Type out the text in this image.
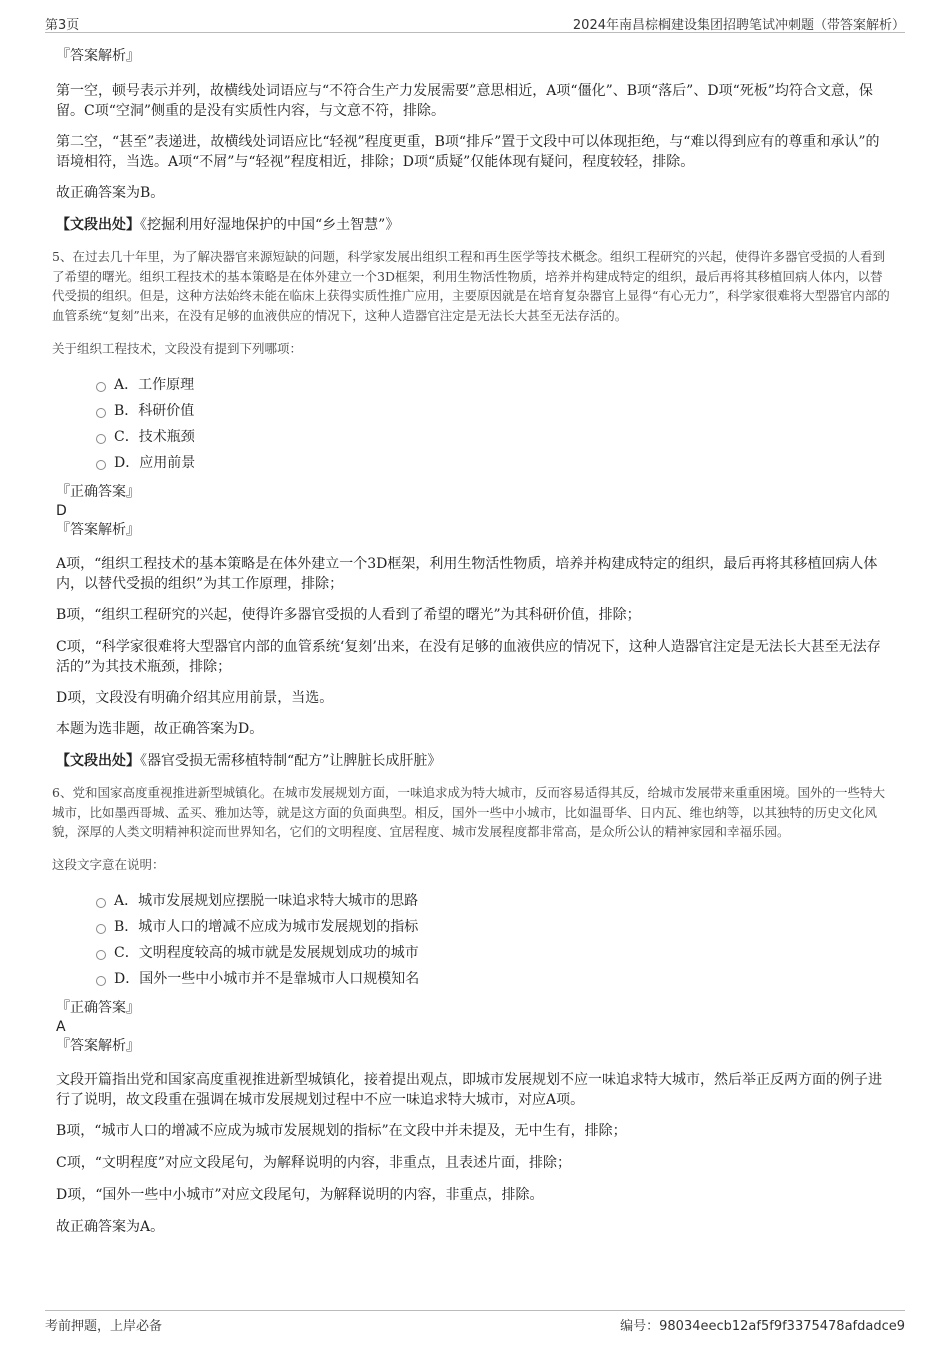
第3页	2024年南昌棕榈建设集团招聘笔试冲刺题（带答案解析）

『答案解析』

第一空，顿号表示并列，故横线处词语应与“不符合生产力发展需要”意思相近，A项“僵化”、B项“落后”、D项“死板”均符合文意，保留。C项“空洞”侧重的是没有实质性内容，与文意不符，排除。

第二空，“甚至”表递进，故横线处词语应比“轻视”程度更重，B项“排斥”置于文段中可以体现拒绝，与“难以得到应有的尊重和承认”的语境相符，当选。A项“不屑”与“轻视”程度相近，排除；D项“质疑”仅能体现有疑问，程度较轻，排除。

故正确答案为B。

【文段出处】《挖掘利用好湿地保护的中国“乡土智慧”》

5、在过去几十年里，为了解决器官来源短缺的问题，科学家发展出组织工程和再生医学等技术概念。组织工程研究的兴起，使得许多器官受损的人看到了希望的曙光。组织工程技术的基本策略是在体外建立一个3D框架，利用生物活性物质，培养并构建成特定的组织，最后再将其移植回病人体内，以替代受损的组织。但是，这种方法始终未能在临床上获得实质性推广应用，主要原因就是在培育复杂器官上显得“有心无力”，科学家很难将大型器官内部的血管系统“复刻”出来，在没有足够的血液供应的情况下，这种人造器官注定是无法长大甚至无法存活的。

关于组织工程技术，文段没有提到下列哪项：

A．工作原理
B．科研价值
C．技术瓶颈
D．应用前景

『正确答案』

D

『答案解析』

A项，“组织工程技术的基本策略是在体外建立一个3D框架，利用生物活性物质，培养并构建成特定的组织，最后再将其移植回病人体内，以替代受损的组织”为其工作原理，排除；

B项，“组织工程研究的兴起，使得许多器官受损的人看到了希望的曙光”为其科研价值，排除；

C项，“科学家很难将大型器官内部的血管系统‘复刻’出来，在没有足够的血液供应的情况下，这种人造器官注定是无法长大甚至无法存活的”为其技术瓶颈，排除；

D项，文段没有明确介绍其应用前景，当选。

本题为选非题，故正确答案为D。

【文段出处】《器官受损无需移植特制“配方”让脾脏长成肝脏》

6、党和国家高度重视推进新型城镇化。在城市发展规划方面，一味追求成为特大城市，反而容易适得其反，给城市发展带来重重困境。国外的一些特大城市，比如墨西哥城、孟买、雅加达等，就是这方面的负面典型。相反，国外一些中小城市，比如温哥华、日内瓦、维也纳等，以其独特的历史文化风貌，深厚的人类文明精神积淀而世界知名，它们的文明程度、宜居程度、城市发展程度都非常高，是众所公认的精神家园和幸福乐园。

这段文字意在说明：

A．城市发展规划应摆脱一味追求特大城市的思路
B．城市人口的增减不应成为城市发展规划的指标
C．文明程度较高的城市就是发展规划成功的城市
D．国外一些中小城市并不是靠城市人口规模知名

『正确答案』

A

『答案解析』

文段开篇指出党和国家高度重视推进新型城镇化，接着提出观点，即城市发展规划不应一味追求特大城市，然后举正反两方面的例子进行了说明，故文段重在强调在城市发展规划过程中不应一味追求特大城市，对应A项。

B项，“城市人口的增减不应成为城市发展规划的指标”在文段中并未提及，无中生有，排除；

C项，“文明程度”对应文段尾句，为解释说明的内容，非重点，且表述片面，排除；

D项，“国外一些中小城市”对应文段尾句，为解释说明的内容，非重点，排除。

故正确答案为A。

考前押题，上岸必备	编号：98034eecb12af5f9f3375478afdadce9
